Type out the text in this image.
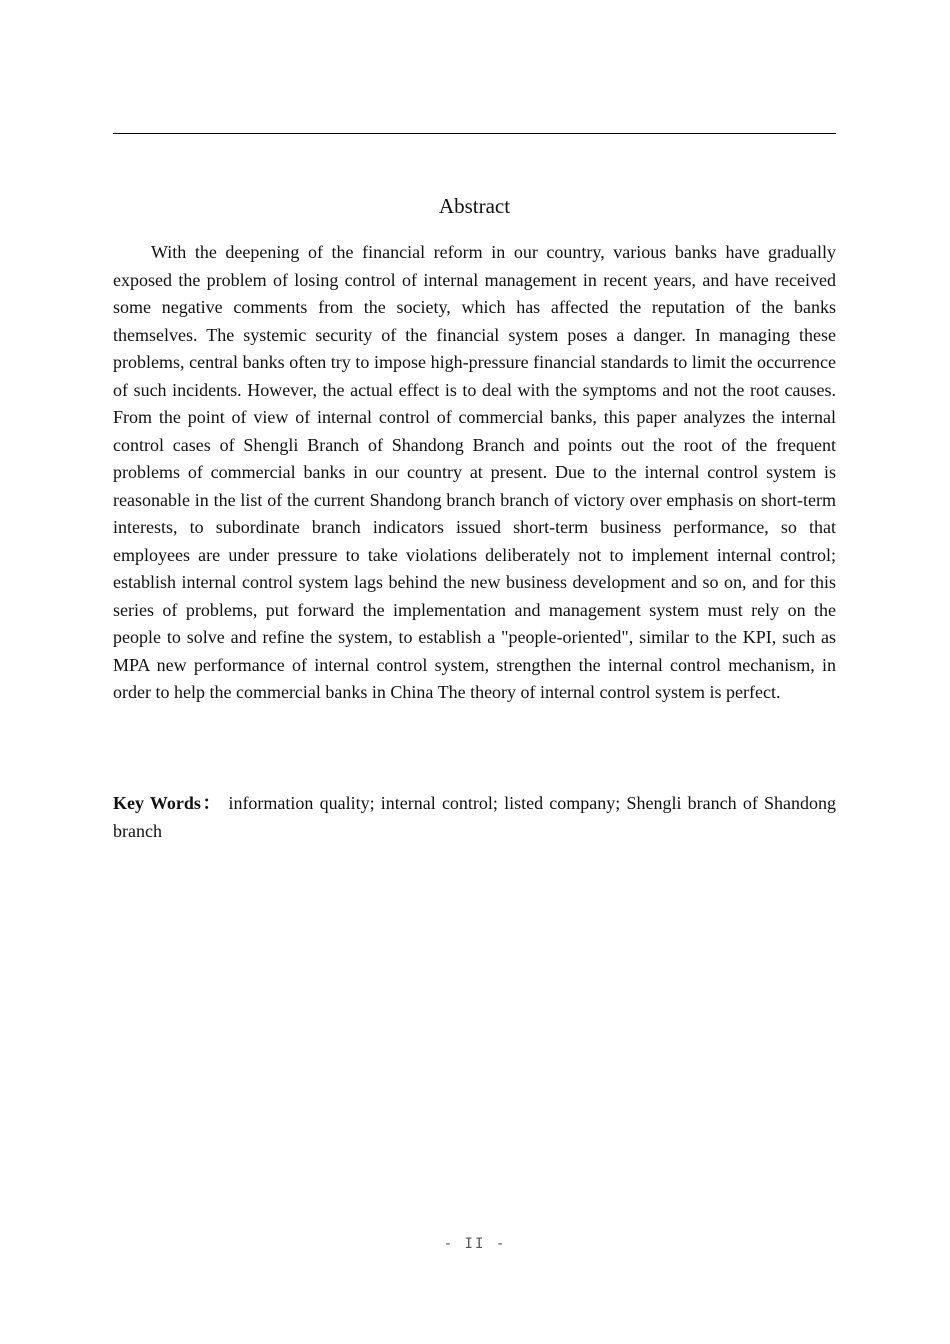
Abstract

With the deepening of the financial reform in our country, various banks have gradually exposed the problem of losing control of internal management in recent years, and have received some negative comments from the society, which has affected the reputation of the banks themselves. The systemic security of the financial system poses a danger. In managing these problems, central banks often try to impose high-pressure financial standards to limit the occurrence of such incidents. However, the actual effect is to deal with the symptoms and not the root causes. From the point of view of internal control of commercial banks, this paper analyzes the internal control cases of Shengli Branch of Shandong Branch and points out the root of the frequent problems of commercial banks in our country at present. Due to the internal control system is reasonable in the list of the current Shandong branch branch of victory over emphasis on short-term interests, to subordinate branch indicators issued short-term business performance, so that employees are under pressure to take violations deliberately not to implement internal control; establish internal control system lags behind the new business development and so on, and for this series of problems, put forward the implementation and management system must rely on the people to solve and refine the system, to establish a "people-oriented", similar to the KPI, such as MPA new performance of internal control system, strengthen the internal control mechanism, in order to help the commercial banks in China The theory of internal control system is perfect.

Key Words： information quality; internal control; listed company; Shengli branch of Shandong branch

- II -
